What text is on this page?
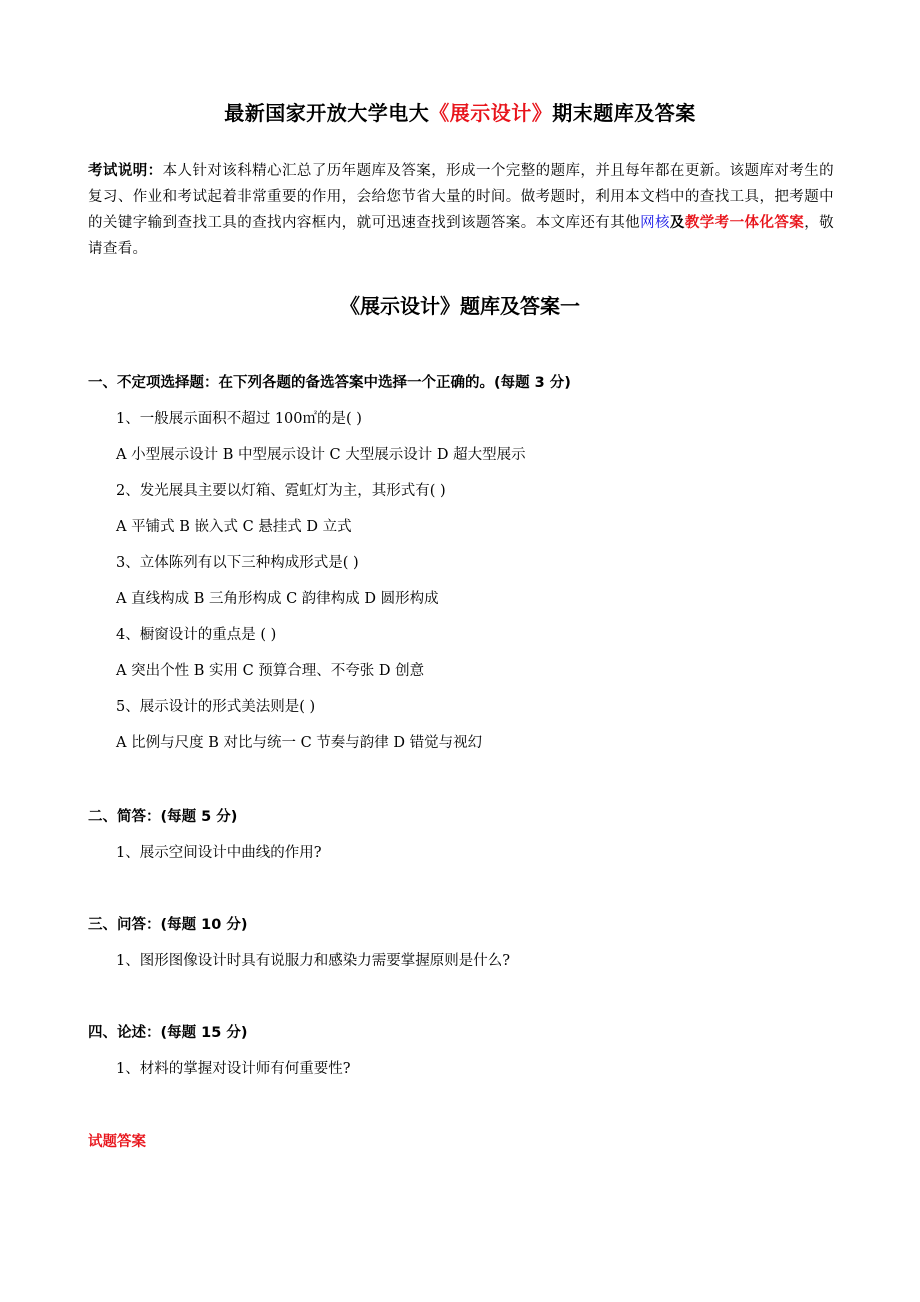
最新国家开放大学电大《展示设计》期末题库及答案
考试说明：本人针对该科精心汇总了历年题库及答案，形成一个完整的题库，并且每年都在更新。该题库对考生的复习、作业和考试起着非常重要的作用，会给您节省大量的时间。做考题时，利用本文档中的查找工具，把考题中的关键字输到查找工具的查找内容框内，就可迅速查找到该题答案。本文库还有其他网核及教学考一体化答案，敬请查看。
《展示设计》题库及答案一
一、不定项选择题：在下列各题的备选答案中选择一个正确的。(每题 3 分)
1、一般展示面积不超过 100㎡的是( )
A 小型展示设计 B 中型展示设计 C 大型展示设计 D 超大型展示
2、发光展具主要以灯箱、霓虹灯为主，其形式有( )
A 平铺式 B 嵌入式 C 悬挂式 D 立式
3、立体陈列有以下三种构成形式是( )
A 直线构成 B 三角形构成 C 韵律构成 D 圆形构成
4、橱窗设计的重点是 ( )
A 突出个性 B 实用 C 预算合理、不夸张 D 创意
5、展示设计的形式美法则是( )
A 比例与尺度 B 对比与统一 C 节奏与韵律 D 错觉与视幻
二、简答：(每题 5 分)
1、展示空间设计中曲线的作用?
三、问答：(每题 10 分)
1、图形图像设计时具有说服力和感染力需要掌握原则是什么?
四、论述：(每题 15 分)
1、材料的掌握对设计师有何重要性?
试题答案
